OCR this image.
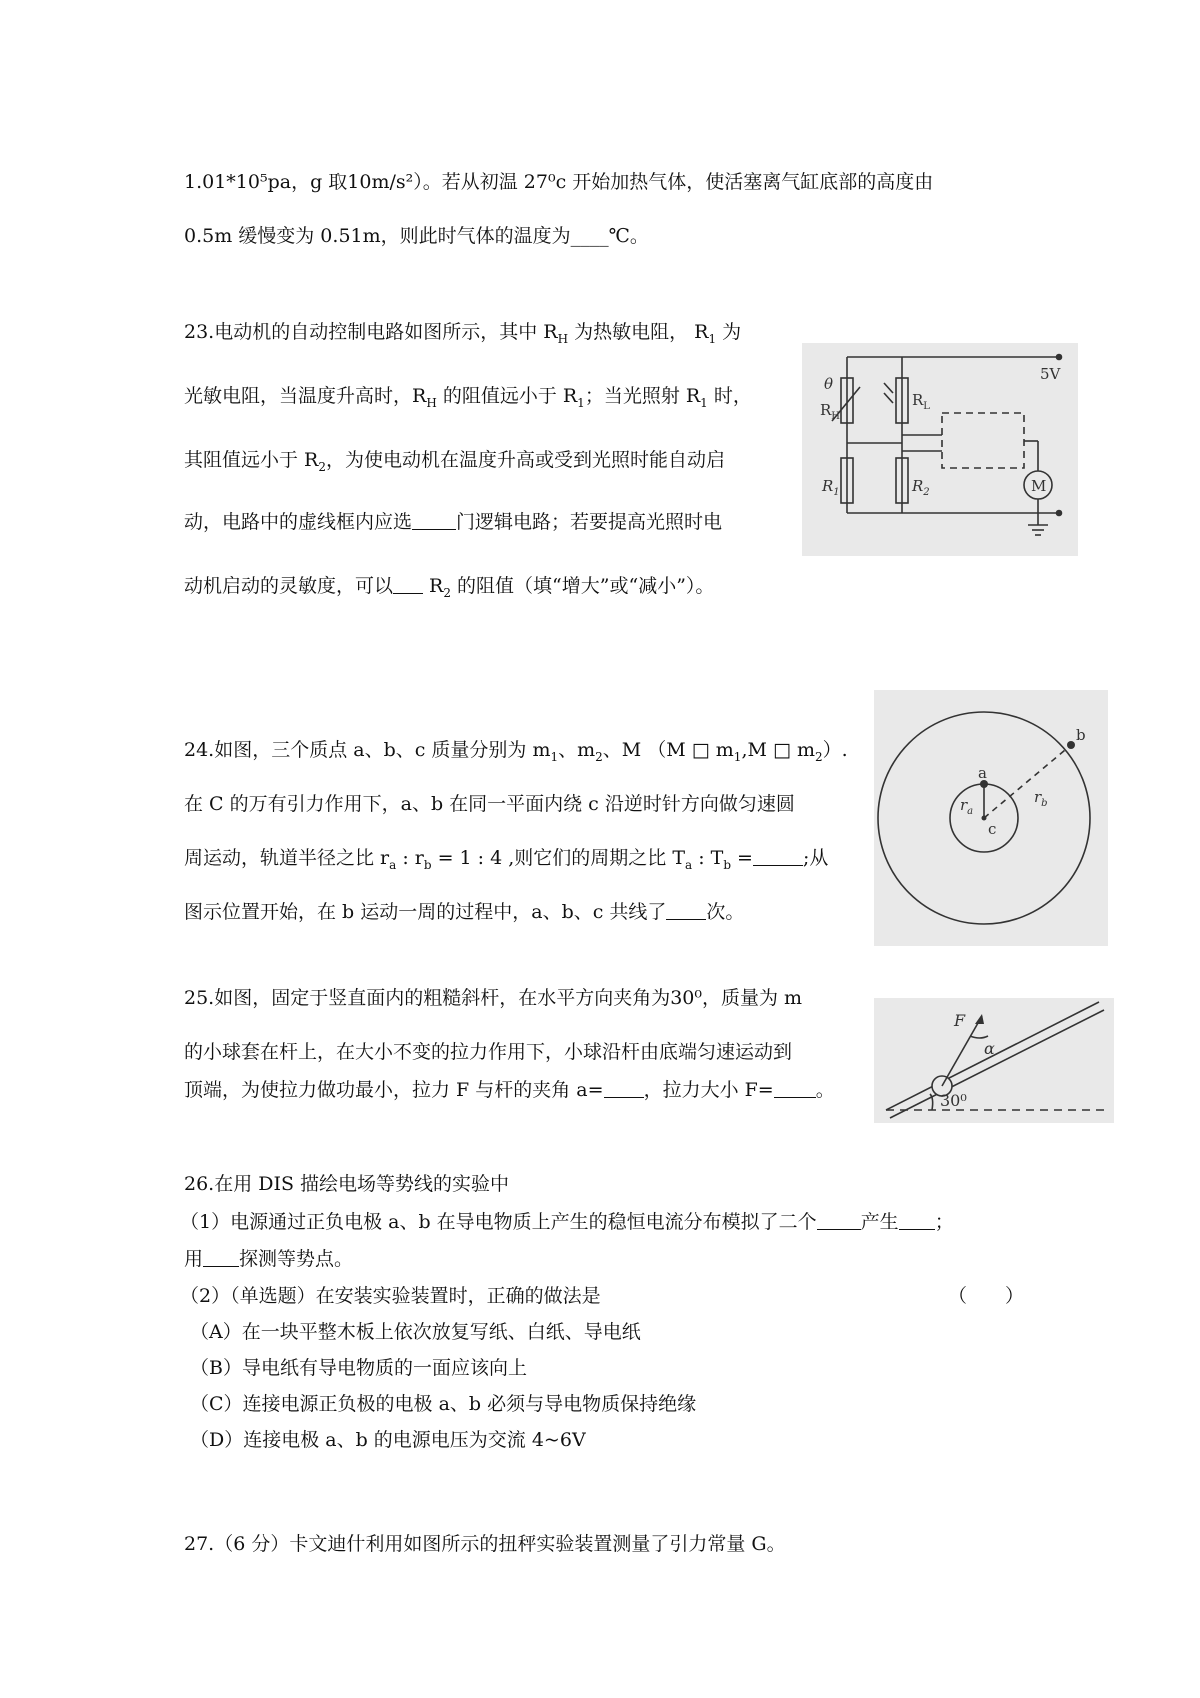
1.01*10⁵pa，g 取10m/s²）。若从初温 27⁰c 开始加热气体，使活塞离气缸底部的高度由
0.5m 缓慢变为 0.51m，则此时气体的温度为____℃。
23.电动机的自动控制电路如图所示，其中 $R_H$ 为热敏电阻， $R_1$ 为
光敏电阻，当温度升高时，$R_H$ 的阻值远小于 $R_1$；当光照射 $R_1$ 时，
其阻值远小于 $R_2$，为使电动机在温度升高或受到光照时能自动启
动，电路中的虚线框内应选 门逻辑电路；若要提高光照时电
动机启动的灵敏度，可以 $R_2$ 的阻值（填“增大”或“减小”）。
5V
θ
$R_H$
$R_L$
$R_1$	$R_2$	M
24.如图，三个质点 a、b、c 质量分别为 $m_1$、$m_2$、M （M □ $m_1,M$ □ $m_2$）.
在 C 的万有引力作用下，a、b 在同一平面内绕 c 沿逆时针方向做匀速圆
周运动，轨道半径之比 $r_a$ : $r_b = 1$ : 4 ,则它们的周期之比 $T_a$ : $T_b$ =	;从
图示位置开始，在 b 运动一周的过程中，a、b、c 共线了 次。
a
b
c
$r_a$
$r_b$
25.如图，固定于竖直面内的粗糙斜杆，在水平方向夹角为30⁰，质量为 m
的小球套在杆上，在大小不变的拉力作用下，小球沿杆由底端匀速运动到
顶端，为使拉力做功最小，拉力 F 与杆的夹角 a= ，拉力大小 F= 。
F
α
30⁰
26.在用 DIS 描绘电场等势线的实验中
（1）电源通过正负电极 a、b 在导电物质上产生的稳恒电流分布模拟了二个 产生 ；
用 探测等势点。
（2）（单选题）在安装实验装置时，正确的做法是	（　　）
（A）在一块平整木板上依次放复写纸、白纸、导电纸
（B）导电纸有导电物质的一面应该向上
（C）连接电源正负极的电极 a、b 必须与导电物质保持绝缘
（D）连接电极 a、b 的电源电压为交流 4~6V
27.（6 分）卡文迪什利用如图所示的扭秤实验装置测量了引力常量 G。
